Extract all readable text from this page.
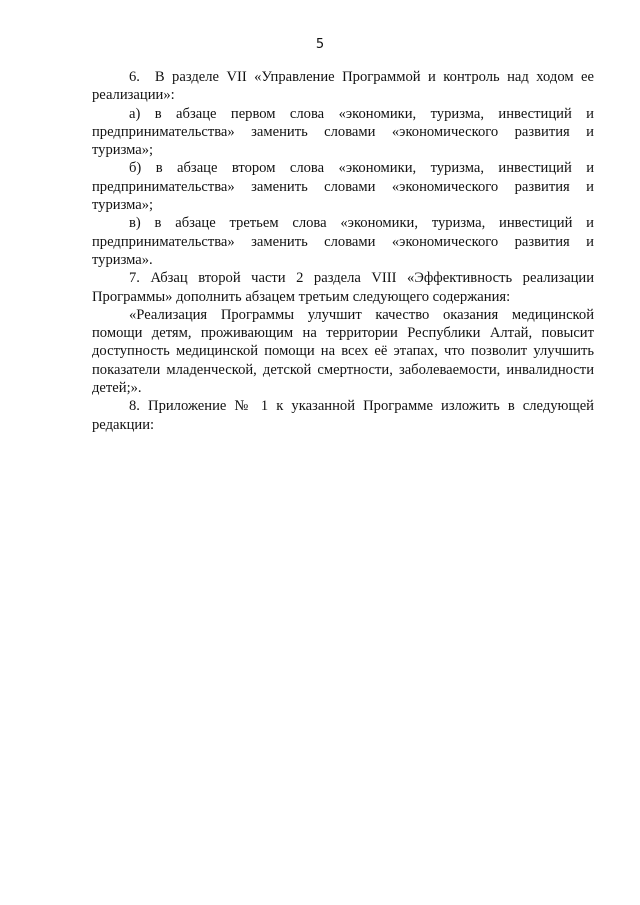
5

6.  В разделе VII «Управление Программой и контроль над ходом ее реализации»:

а) в абзаце первом слова «экономики, туризма, инвестиций и предпринимательства» заменить словами «экономического развития и туризма»;

б) в абзаце втором слова «экономики, туризма, инвестиций и предпринимательства» заменить словами «экономического развития и туризма»;

в) в абзаце третьем слова «экономики, туризма, инвестиций и предпринимательства» заменить словами «экономического развития и туризма».

7. Абзац второй части 2 раздела VIII «Эффективность реализации Программы» дополнить абзацем третьим следующего содержания:

«Реализация Программы улучшит качество оказания медицинской помощи детям, проживающим на территории Республики Алтай, повысит доступность медицинской помощи на всех её этапах, что позволит улучшить показатели младенческой, детской смертности, заболеваемости, инвалидности детей;».

8. Приложение № 1 к указанной Программе изложить в следующей редакции:
